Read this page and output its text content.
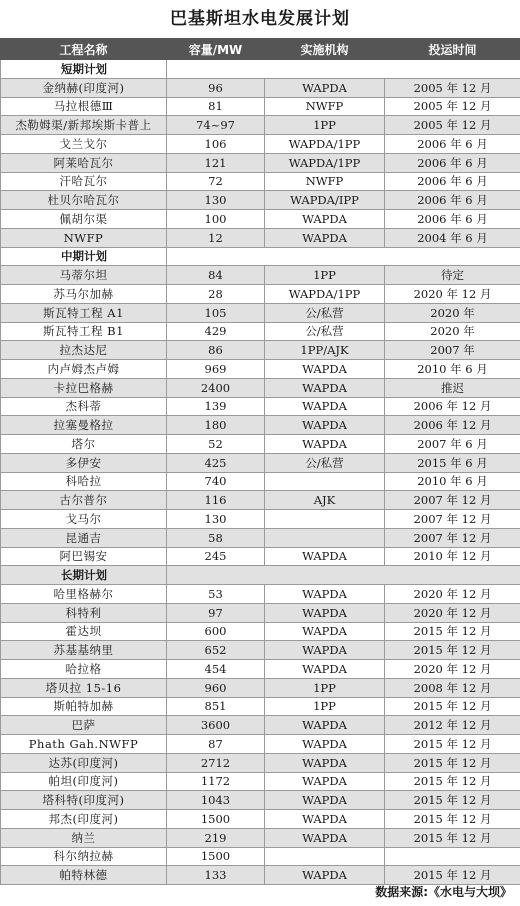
巴基斯坦水电发展计划
工程名称	容量/MW	实施机构	投运时间
短期计划			
金纳赫(印度河)	96	WAPDA	2005 年 12 月
马拉根德Ⅲ	81	NWFP	2005 年 12 月
杰勒姆渠/新邦埃斯卡普上	74~97	1PP	2005 年 12 月
戈兰戈尔	106	WAPDA/1PP	2006 年 6 月
阿莱哈瓦尔	121	WAPDA/1PP	2006 年 6 月
汗哈瓦尔	72	NWFP	2006 年 6 月
杜贝尔哈瓦尔	130	WAPDA/IPP	2006 年 6 月
佩胡尔渠	100	WAPDA	2006 年 6 月
NWFP	12	WAPDA	2004 年 6 月
中期计划			
马蒂尔坦	84	1PP	待定
苏马尔加赫	28	WAPDA/1PP	2020 年 12 月
斯瓦特工程 A1	105	公/私营	2020 年
斯瓦特工程 B1	429	公/私营	2020 年
拉杰达尼	86	1PP/AJK	2007 年
内卢姆杰卢姆	969	WAPDA	2010 年 6 月
卡拉巴格赫	2400	WAPDA	推迟
杰科蒂	139	WAPDA	2006 年 12 月
拉塞曼格拉	180	WAPDA	2006 年 12 月
塔尔	52	WAPDA	2007 年 6 月
多伊安	425	公/私营	2015 年 6 月
科哈拉	740		2010 年 6 月
古尔普尔	116	AJK	2007 年 12 月
戈马尔	130		2007 年 12 月
昆通吉	58		2007 年 12 月
阿巴锡安	245	WAPDA	2010 年 12 月
长期计划			
哈里格赫尔	53	WAPDA	2020 年 12 月
科特利	97	WAPDA	2020 年 12 月
霍达坝	600	WAPDA	2015 年 12 月
苏基基纳里	652	WAPDA	2015 年 12 月
哈拉格	454	WAPDA	2020 年 12 月
塔贝拉 15-16	960	1PP	2008 年 12 月
斯帕特加赫	851	1PP	2015 年 12 月
巴萨	3600	WAPDA	2012 年 12 月
Phath Gah.NWFP	87	WAPDA	2015 年 12 月
达苏(印度河)	2712	WAPDA	2015 年 12 月
帕坦(印度河)	1172	WAPDA	2015 年 12 月
塔科特(印度河)	1043	WAPDA	2015 年 12 月
邦杰(印度河)	1500	WAPDA	2015 年 12 月
纳兰	219	WAPDA	2015 年 12 月
科尔纳拉赫	1500		
帕特林德	133	WAPDA	2015 年 12 月
数据来源:《水电与大坝》
